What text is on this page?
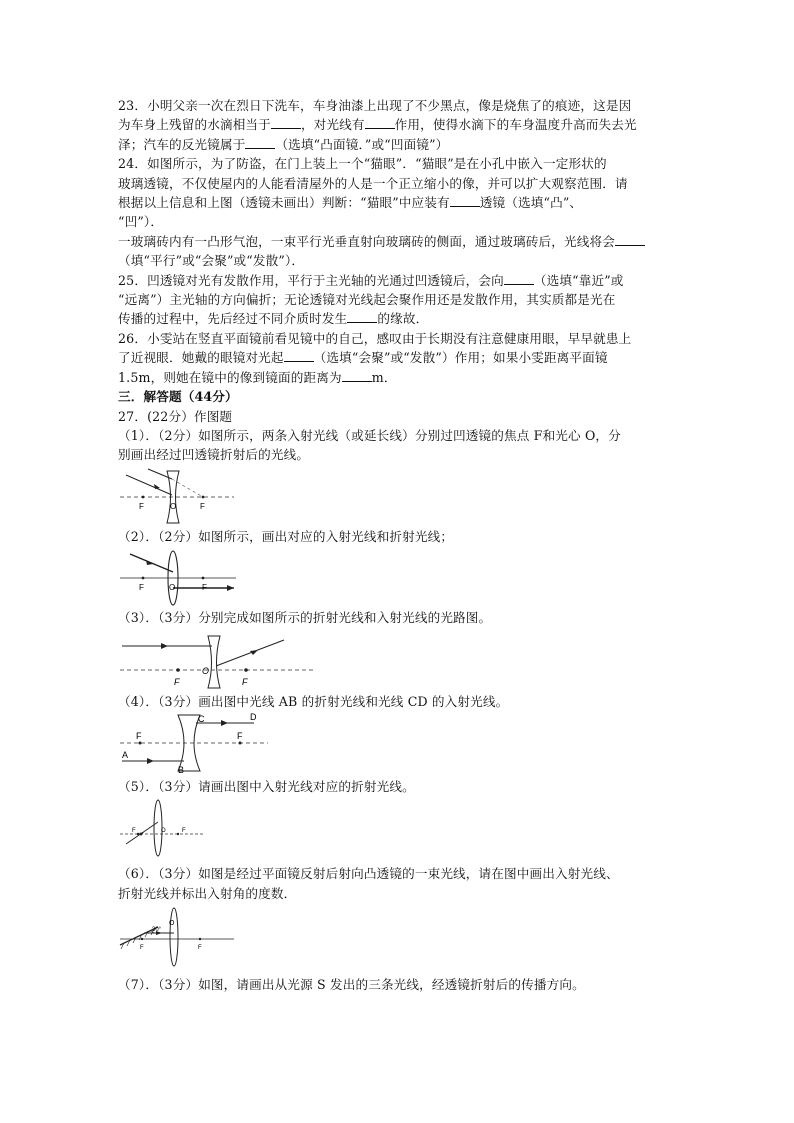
23．小明父亲一次在烈日下洗车，车身油漆上出现了不少黑点，像是烧焦了的痕迹，这是因
为车身上残留的水滴相当于 ，对光线有 作用，使得水滴下的车身温度升高而失去光
泽；汽车的反光镜属于 （选填“凸面镜．”或“凹面镜”）
24．如图所示，为了防盗，在门上装上一个“猫眼”．“猫眼”是在小孔中嵌入一定形状的
玻璃透镜，不仅使屋内的人能看清屋外的人是一个正立缩小的像，并可以扩大观察范围．请
根据以上信息和上图（透镜未画出）判断：“猫眼”中应装有 透镜（选填“凸”、
“凹”）．
一玻璃砖内有一凸形气泡，一束平行光垂直射向玻璃砖的侧面，通过玻璃砖后，光线将会
（填“平行”或“会聚”或“发散”）．
25．凹透镜对光有发散作用，平行于主光轴的光通过凹透镜后，会向 （选填“靠近”或
“远离”）主光轴的方向偏折；无论透镜对光线起会聚作用还是发散作用，其实质都是光在
传播的过程中，先后经过不同介质时发生 的缘故．
26．小雯站在竖直平面镜前看见镜中的自己，感叹由于长期没有注意健康用眼，早早就患上
了近视眼．她戴的眼镜对光起 （选填“会聚”或“发散”）作用；如果小雯距离平面镜
1.5m，则她在镜中的像到镜面的距离为 m．
三．解答题（44分）
27．(22分）作图题
（1）．（2分）如图所示，两条入射光线（或延长线）分别过凹透镜的焦点 F和光心 O，分
别画出经过凹透镜折射后的光线。
F	O	F
（2）．（2分）如图所示，画出对应的入射光线和折射光线；
F	O	F
（3）．（3分）分别完成如图所示的折射光线和入射光线的光路图。
F
O
F
（4）．（3分）画出图中光线 AB 的折射光线和光线 CD 的入射光线。
F	F
A
B
C	D
（5）．（3分）请画出图中入射光线对应的折射光线。
F	O	F
（6）．（3分）如图是经过平面镜反射后射向凸透镜的一束光线，请在图中画出入射光线、
折射光线并标出入射角的度数．
30°
F
O
F
（7）．（3分）如图，请画出从光源 S 发出的三条光线，经透镜折射后的传播方向。
